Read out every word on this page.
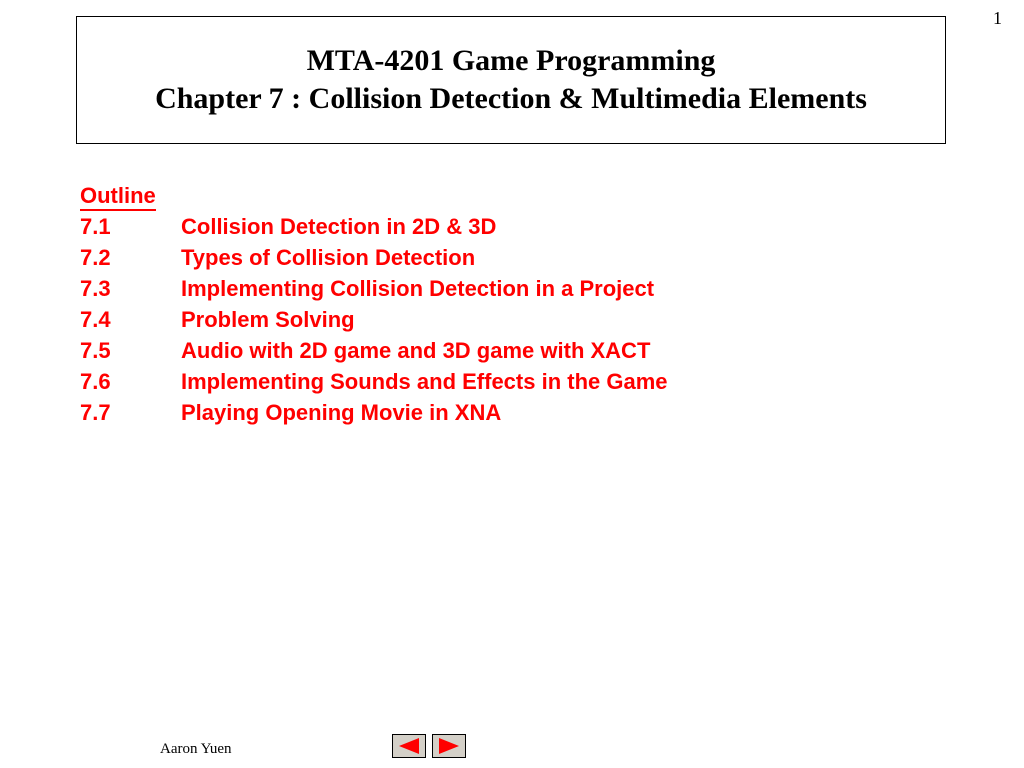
1
MTA-4201 Game Programming
Chapter 7 : Collision Detection & Multimedia Elements
Outline
7.1	Collision Detection in 2D & 3D
7.2	Types of Collision Detection
7.3	Implementing Collision Detection in a Project
7.4	Problem Solving
7.5	Audio with 2D game and 3D game with XACT
7.6	Implementing Sounds and Effects in the Game
7.7	Playing Opening Movie in XNA
Aaron Yuen
